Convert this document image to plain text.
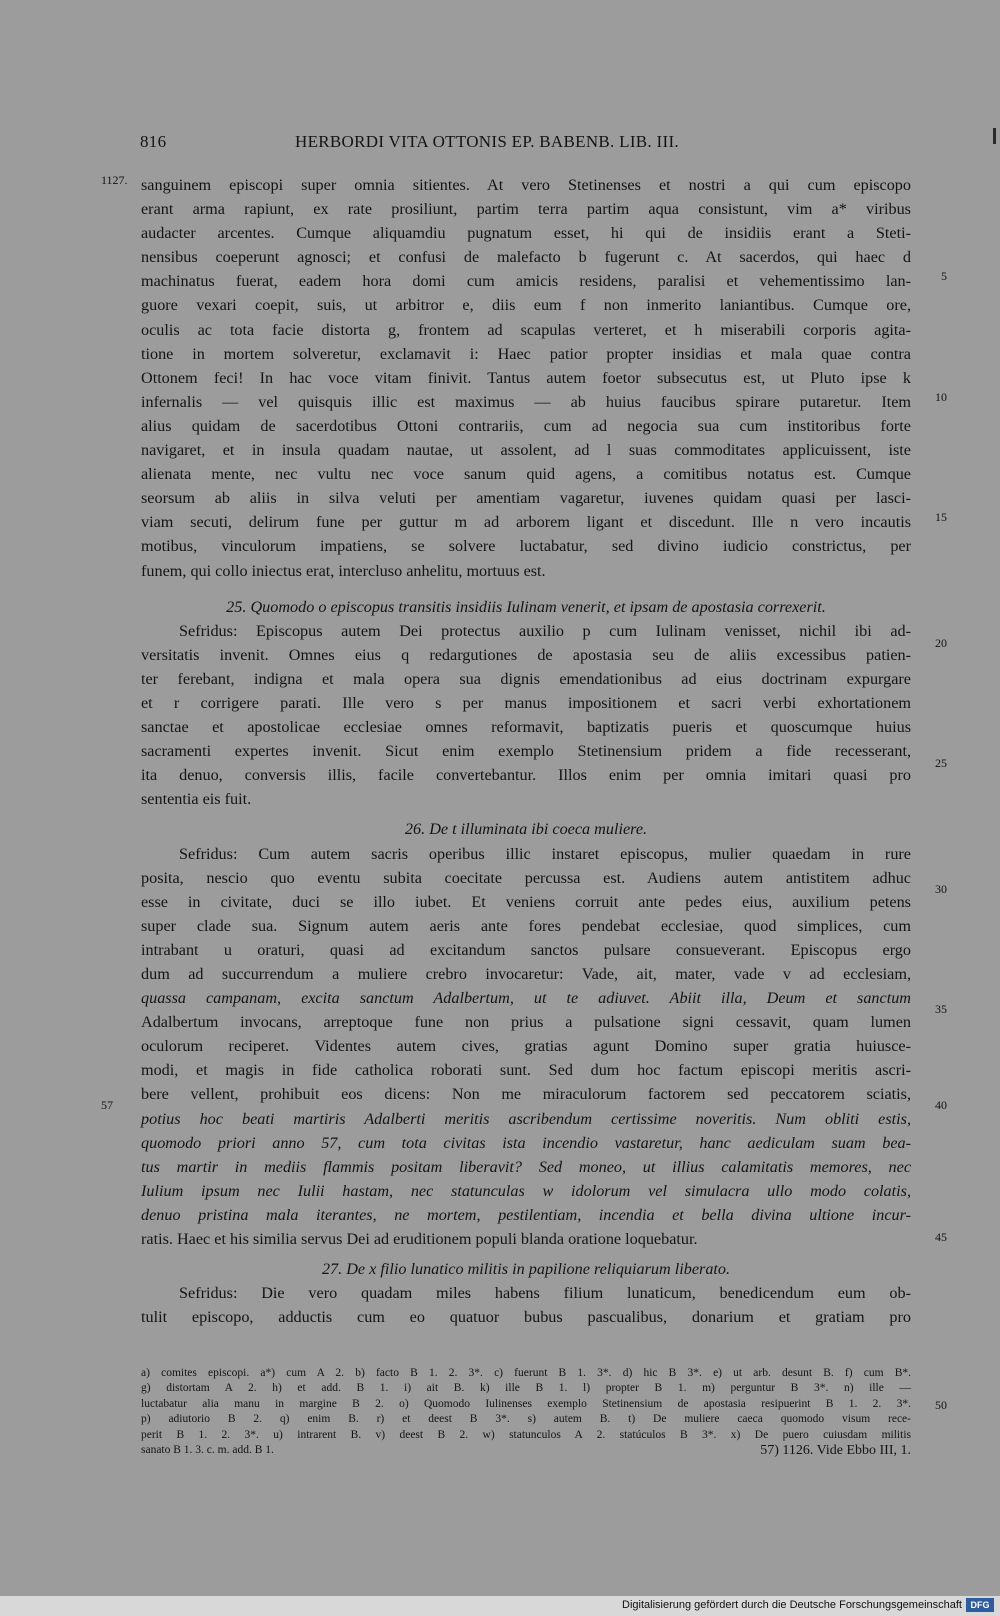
816	HERBORDI VITA OTTONIS EP. BABENB. LIB. III.
1127. sanguinem episcopi super omnia sitientes. At vero Stetinenses et nostri a qui cum episcopo
erant arma rapiunt, ex rate prosiliunt, partim terra partim aqua consistunt, vim a* viribus
audacter arcentes. Cumque aliquamdiu pugnatum esset, hi qui de insidiis erant a Steti-
nensibus coeperunt agnosci; et confusi de malefacto b fugerunt c. At sacerdos, qui haec d
machinatus fuerat, eadem hora domi cum amicis residens, paralisi et vehementissimo lan-	5
guore vexari coepit, suis, ut arbitror e, diis eum f non inmerito laniantibus. Cumque ore,
oculis ac tota facie distorta g, frontem ad scapulas verteret, et h miserabili corporis agita-
tione in mortem solveretur, exclamavit i: Haec patior propter insidias et mala quae contra
Ottonem feci! In hac voce vitam finivit. Tantus autem foetor subsecutus est, ut Pluto ipse k
infernalis — vel quisquis illic est maximus — ab huius faucibus spirare putaretur. Item 10
alius quidam de sacerdotibus Ottoni contrariis, cum ad negocia sua cum institoribus forte
navigaret, et in insula quadam nautae, ut assolent, ad l suas commoditates applicuissent, iste
alienata mente, nec vultu nec voce sanum quid agens, a comitibus notatus est. Cumque
seorsum ab aliis in silva veluti per amentiam vagaretur, iuvenes quidam quasi per lasci-
viam secuti, delirum fune per guttur m ad arborem ligant et discedunt. Ille n vero incautis 15
motibus, vinculorum impatiens, se solvere luctabatur, sed divino iudicio constrictus, per
funem, qui collo iniectus erat, intercluso anhelitu, mortuus est.
25. Quomodo o episcopus transitis insidiis Iulinam venerit, et ipsam de apostasia correxerit.
Sefridus: Episcopus autem Dei protectus auxilio p cum Iulinam venisset, nichil ibi ad-
versitatis invenit. Omnes eius q redargutiones de apostasia seu de aliis excessibus patien-
20
ter ferebant, indigna et mala opera sua dignis emendationibus ad eius doctrinam expurgare
et r corrigere parati. Ille vero s per manus impositionem et sacri verbi exhortationem
sanctae et apostolicae ecclesiae omnes reformavit, baptizatis pueris et quoscumque huius
sacramenti expertes invenit. Sicut enim exemplo Stetinensium pridem a fide recesserant,
ita denuo, conversis illis, facile convertebantur. Illos enim per omnia imitari quasi pro
25
sententia eis fuit.
26. De t illuminata ibi coeca muliere.
Sefridus: Cum autem sacris operibus illic instaret episcopus, mulier quaedam in rure
posita, nescio quo eventu subita coecitate percussa est. Audiens autem antistitem adhuc
esse in civitate, duci se illo iubet. Et veniens corruit ante pedes eius, auxilium petens
30
super clade sua. Signum autem aeris ante fores pendebat ecclesiae, quod simplices, cum
intrabant u oraturi, quasi ad excitandum sanctos pulsare consueverant. Episcopus ergo
dum ad succurrendum a muliere crebro invocaretur: Vade, ait, mater, vade v ad ecclesiam,
quassa campanam, excita sanctum Adalbertum, ut te adiuvet. Abiit illa, Deum et sanctum
Adalbertum invocans, arreptoque fune non prius a pulsatione signi cessavit, quam lumen
35
oculorum reciperet. Videntes autem cives, gratias agunt Domino super gratia huiusce-
modi, et magis in fide catholica roborati sunt. Sed dum hoc factum episcopi meritis ascri-
bere vellent, prohibuit eos dicens: Non me miraculorum factorem sed peccatorem sciatis,
potius hoc beati martiris Adalberti meritis ascribendum certissime noveritis. Num obliti estis,
57
quomodo priori anno 57, cum tota civitas ista incendio vastaretur, hanc aediculam suam bea-
40
tus martir in mediis flammis positam liberavit? Sed moneo, ut illius calamitatis memores, nec
Iulium ipsum nec Iulii hastam, nec statunculas w idolorum vel simulacra ullo modo colatis,
denuo pristina mala iterantes, ne mortem, pestilentiam, incendia et bella divina ultione incur-
ratis. Haec et his similia servus Dei ad eruditionem populi blanda oratione loquebatur.
27. De x filio lunatico militis in papilione reliquiarum liberato.
45
Sefridus: Die vero quadam miles habens filium lunaticum, benedicendum eum ob-
tulit episcopo, adductis cum eo quatuor bubus pascualibus, donarium et gratiam pro
a) comites episcopi. a*) cum A 2. b) facto B 1. 2. 3*. c) fuerunt B 1. 3*. d) hic B 3*. e) ut arb. desunt B. f) cum B*.
g) distortam A 2. h) et add. B 1. i) ait B. k) ille B 1. l) propter B 1. m) perguntur B 3*. n) ille —
luctabatur alia manu in margine B 2. o) Quomodo Iulinenses exemplo Stetinensium de apostasia resipuerint B 1. 2. 3*. 50
p) adiutorio B 2. q) enim B. r) et deest B 3*. s) autem B. t) De muliere caeca quomodo visum rece-
perit B 1. 2. 3*. u) intrarent B. v) deest B 2. w) statunculos A 2. statúculos B 3*. x) De puero cuiusdam militis
sanato B 1. 3. c. m. add. B 1.	57) 1126. Vide Ebbo III, 1.
Digitalisierung gefördert durch die Deutsche Forschungsgemeinschaft DFG
